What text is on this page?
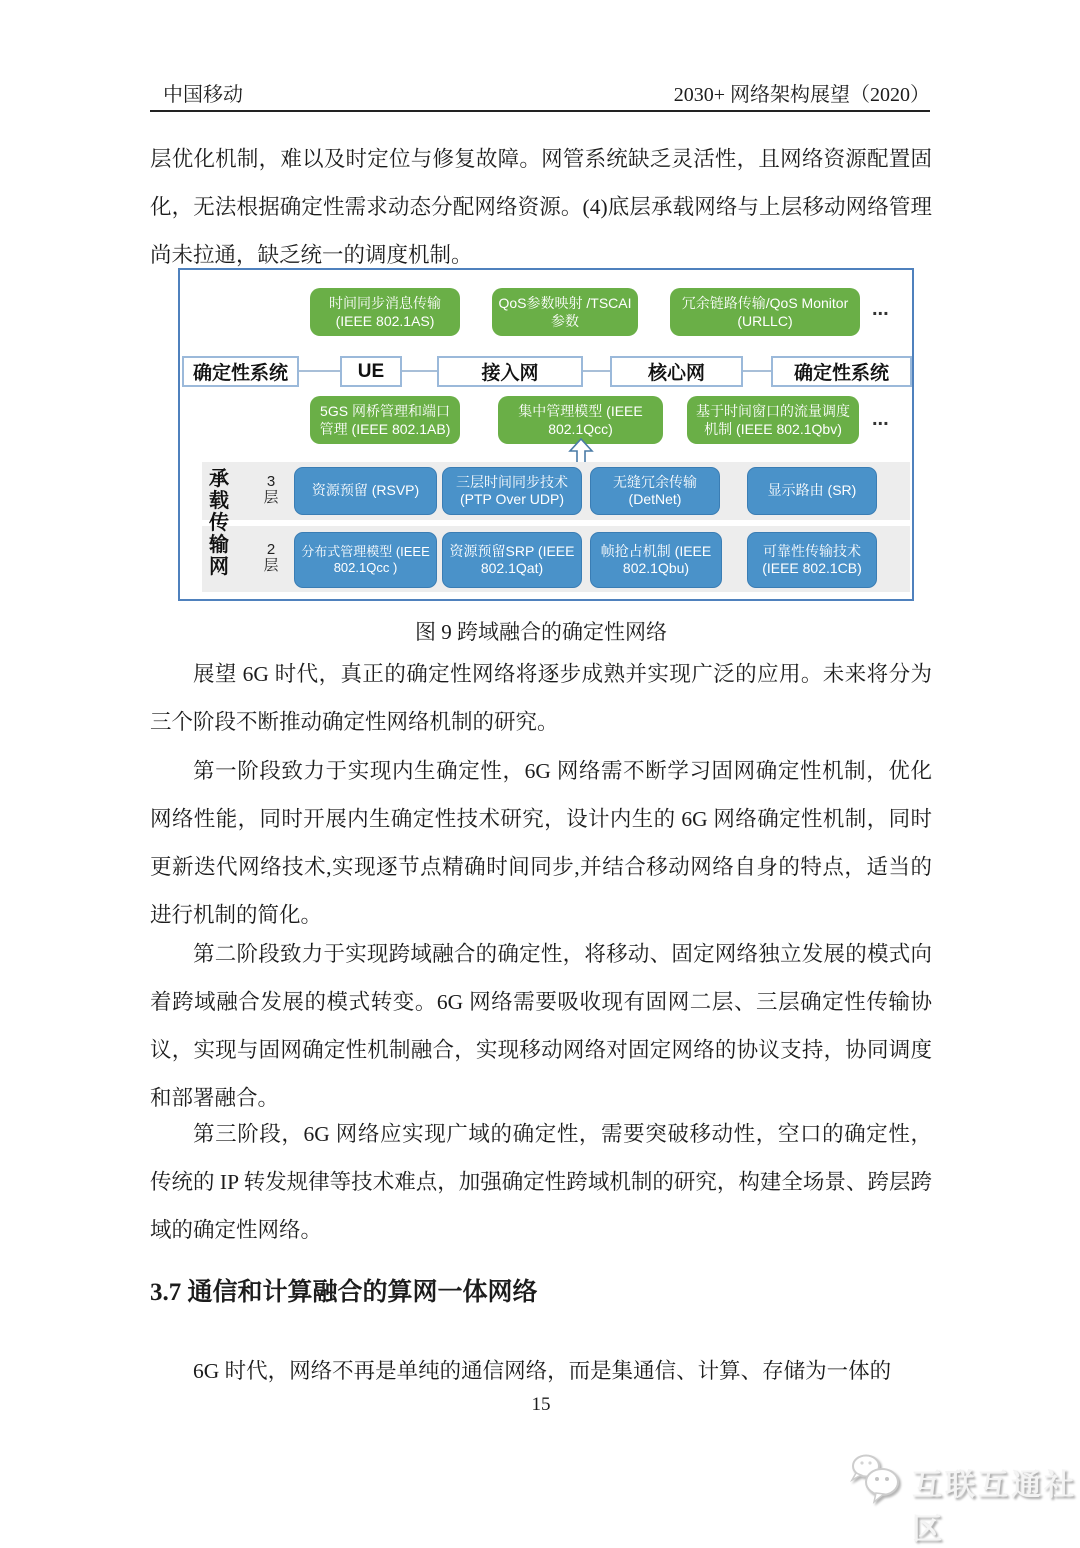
中国移动	2030+ 网络架构展望（2020）

层优化机制，难以及时定位与修复故障。网管系统缺乏灵活性，且网络资源配置固化，无法根据确定性需求动态分配网络资源。(4)底层承载网络与上层移动网络管理尚未拉通，缺乏统一的调度机制。

时间同步消息传输 (IEEE 802.1AS)
QoS参数映射 /TSCAI参数
冗余链路传输/QoS Monitor (URLLC)
...
确定性系统	UE	接入网	核心网	确定性系统
5GS 网桥管理和端口管理 (IEEE 802.1AB)
集中管理模型 (IEEE 802.1Qcc)
基于时间窗口的流量调度机制 (IEEE 802.1Qbv)	...
承载传输网
3层
2层
资源预留 (RSVP)
三层时间同步技术 (PTP Over UDP)
无缝冗余传输 (DetNet)
显示路由 (SR)
分布式管理模型 (IEEE 802.1Qcc )
资源预留SRP (IEEE 802.1Qat)
帧抢占机制 (IEEE 802.1Qbu)
可靠性传输技术 (IEEE 802.1CB)
图 9 跨域融合的确定性网络

展望 6G 时代，真正的确定性网络将逐步成熟并实现广泛的应用。未来将分为三个阶段不断推动确定性网络机制的研究。

第一阶段致力于实现内生确定性，6G 网络需不断学习固网确定性机制，优化网络性能，同时开展内生确定性技术研究，设计内生的 6G 网络确定性机制，同时更新迭代网络技术,实现逐节点精确时间同步,并结合移动网络自身的特点，适当的进行机制的简化。

第二阶段致力于实现跨域融合的确定性，将移动、固定网络独立发展的模式向着跨域融合发展的模式转变。6G 网络需要吸收现有固网二层、三层确定性传输协议，实现与固网确定性机制融合，实现移动网络对固定网络的协议支持，协同调度和部署融合。

第三阶段，6G 网络应实现广域的确定性，需要突破移动性，空口的确定性，传统的 IP 转发规律等技术难点，加强确定性跨域机制的研究，构建全场景、跨层跨域的确定性网络。

3.7 通信和计算融合的算网一体网络

6G 时代，网络不再是单纯的通信网络，而是集通信、计算、存储为一体的

15
互联互通社区
